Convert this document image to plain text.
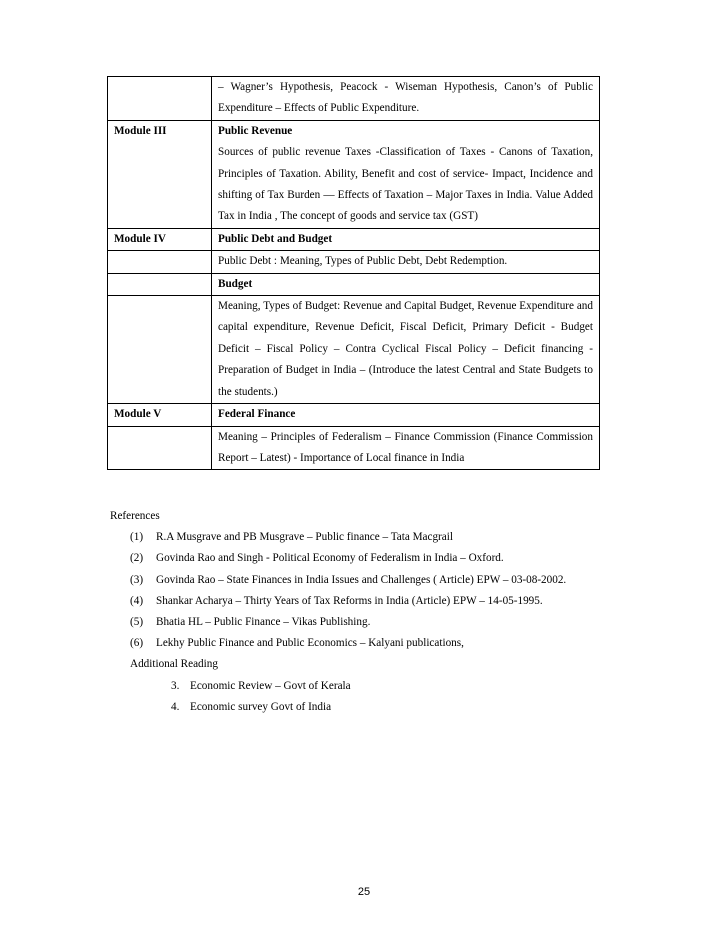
	– Wagner’s Hypothesis, Peacock - Wiseman Hypothesis, Canon’s of Public Expenditure – Effects of Public Expenditure.

Module III	Public Revenue
Sources of public revenue Taxes -Classification of Taxes - Canons of Taxation, Principles of Taxation. Ability, Benefit and cost of service- Impact, Incidence and shifting of Tax Burden — Effects of Taxation – Major Taxes in India. Value Added Tax in India , The concept of goods and service tax (GST)

Module IV	Public Debt and Budget

	Public Debt : Meaning, Types of Public Debt, Debt Redemption.

	Budget

	Meaning, Types of Budget: Revenue and Capital Budget, Revenue Expenditure and capital expenditure, Revenue Deficit, Fiscal Deficit, Primary Deficit - Budget Deficit – Fiscal Policy – Contra Cyclical Fiscal Policy – Deficit financing - Preparation of Budget in India – (Introduce the latest Central and State Budgets to the students.)

Module V	Federal Finance

	Meaning – Principles of Federalism – Finance Commission (Finance Commission Report – Latest) - Importance of Local finance in India

References

(1) R.A Musgrave and PB Musgrave – Public finance – Tata Macgrail
(2) Govinda Rao and Singh - Political Economy of Federalism in India – Oxford.
(3) Govinda Rao – State Finances in India Issues and Challenges ( Article) EPW – 03-08-2002.
(4) Shankar Acharya – Thirty Years of Tax Reforms in India (Article) EPW – 14-05-1995.
(5) Bhatia HL – Public Finance – Vikas Publishing.
(6) Lekhy Public Finance and Public Economics – Kalyani publications,
Additional Reading
3. Economic Review – Govt of Kerala
4. Economic survey Govt of India
25
